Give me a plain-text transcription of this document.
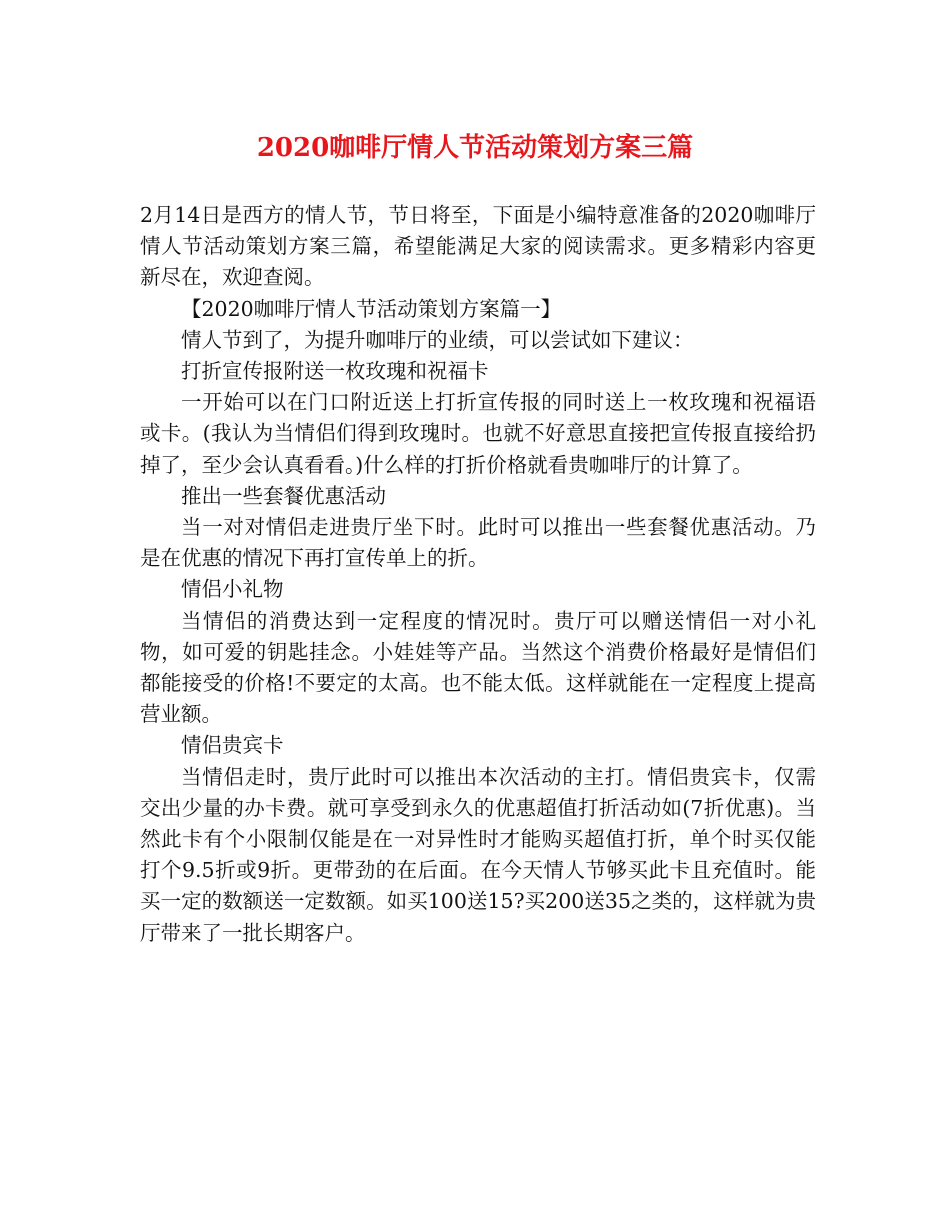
2020咖啡厅情人节活动策划方案三篇

2月14日是西方的情人节，节日将至，下面是小编特意准备的2020咖啡厅情人节活动策划方案三篇，希望能满足大家的阅读需求。更多精彩内容更新尽在，欢迎查阅。

【2020咖啡厅情人节活动策划方案篇一】

情人节到了，为提升咖啡厅的业绩，可以尝试如下建议：

打折宣传报附送一枚玫瑰和祝福卡

一开始可以在门口附近送上打折宣传报的同时送上一枚玫瑰和祝福语或卡。(我认为当情侣们得到玫瑰时。也就不好意思直接把宣传报直接给扔掉了，至少会认真看看。)什么样的打折价格就看贵咖啡厅的计算了。

推出一些套餐优惠活动

当一对对情侣走进贵厅坐下时。此时可以推出一些套餐优惠活动。乃是在优惠的情况下再打宣传单上的折。

情侣小礼物

当情侣的消费达到一定程度的情况时。贵厅可以赠送情侣一对小礼物，如可爱的钥匙挂念。小娃娃等产品。当然这个消费价格最好是情侣们都能接受的价格!不要定的太高。也不能太低。这样就能在一定程度上提高营业额。

情侣贵宾卡

当情侣走时，贵厅此时可以推出本次活动的主打。情侣贵宾卡，仅需交出少量的办卡费。就可享受到永久的优惠超值打折活动如(7折优惠)。当然此卡有个小限制仅能是在一对异性时才能购买超值打折，单个时买仅能打个9.5折或9折。更带劲的在后面。在今天情人节够买此卡且充值时。能买一定的数额送一定数额。如买100送15?买200送35之类的，这样就为贵厅带来了一批长期客户。
